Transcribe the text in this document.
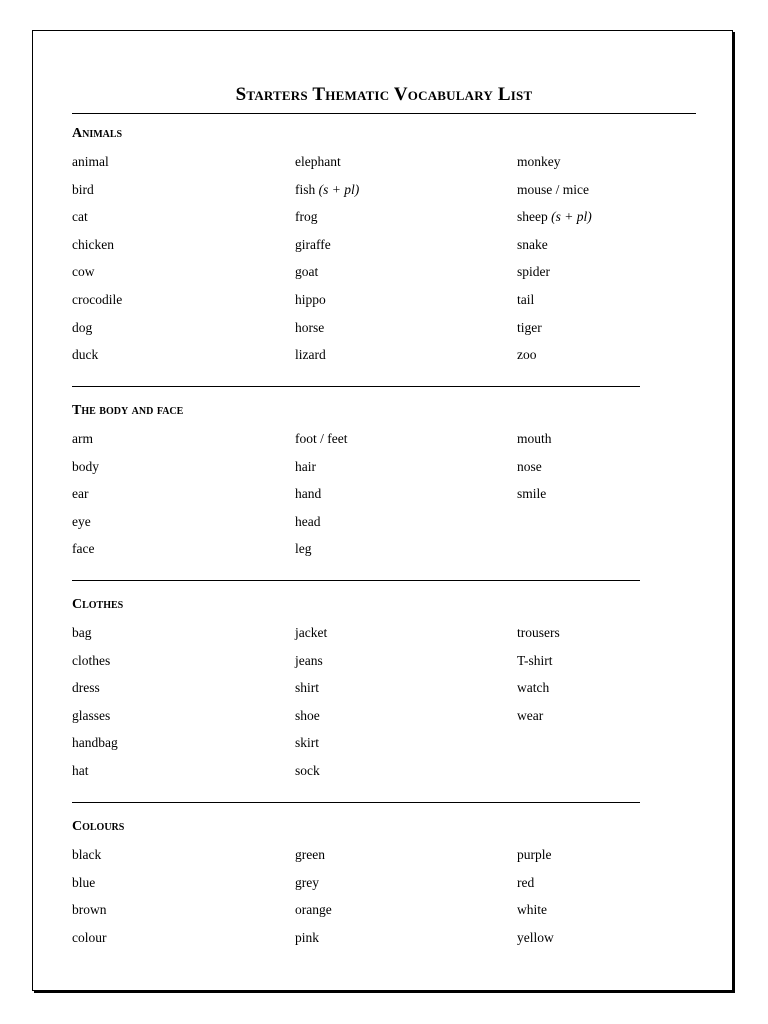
Starters Thematic Vocabulary List
Animals
animal
bird
cat
chicken
cow
crocodile
dog
duck
elephant
fish (s + pl)
frog
giraffe
goat
hippo
horse
lizard
monkey
mouse / mice
sheep (s + pl)
snake
spider
tail
tiger
zoo
The body and face
arm
body
ear
eye
face
foot / feet
hair
hand
head
leg
mouth
nose
smile
Clothes
bag
clothes
dress
glasses
handbag
hat
jacket
jeans
shirt
shoe
skirt
sock
trousers
T-shirt
watch
wear
Colours
black
blue
brown
colour
green
grey
orange
pink
purple
red
white
yellow
